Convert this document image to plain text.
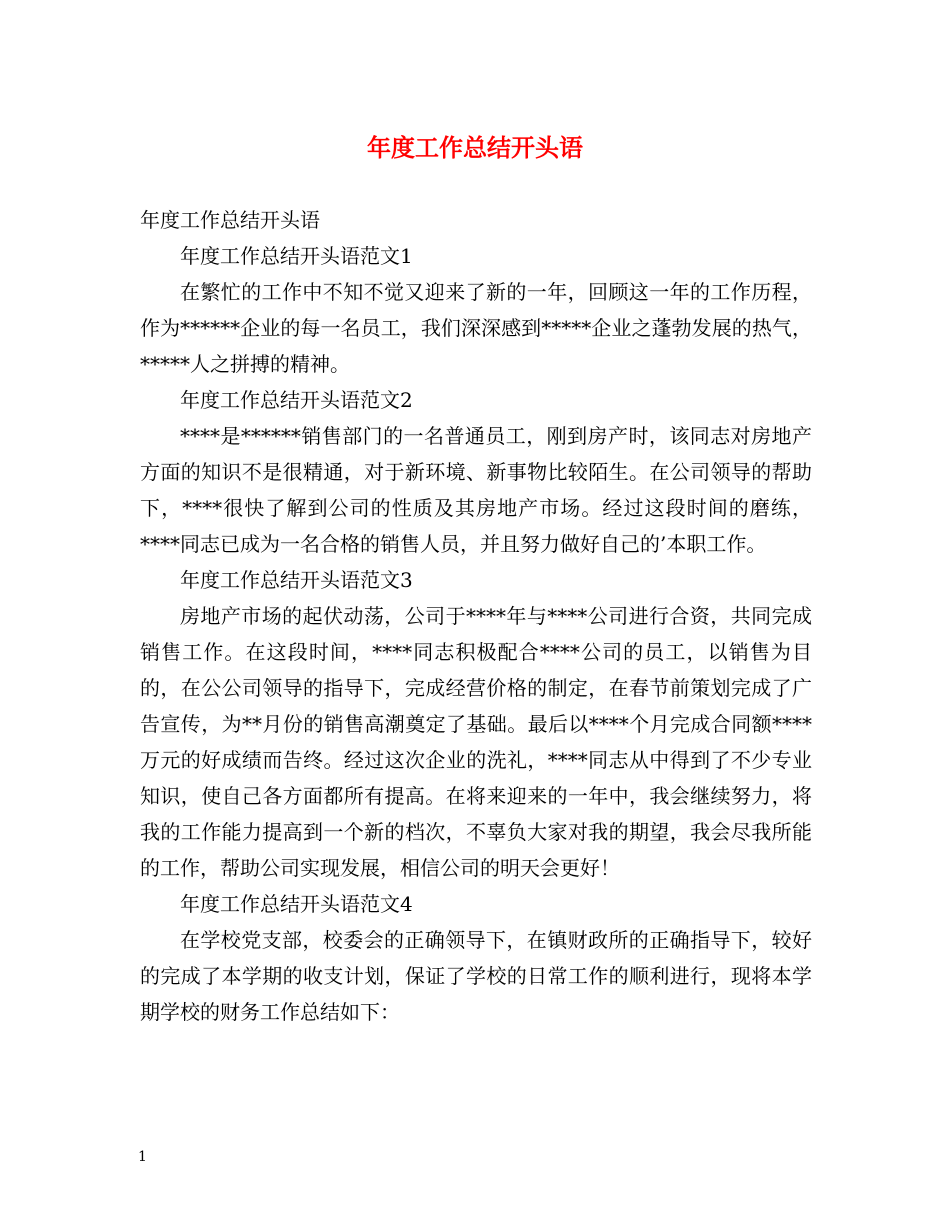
年度工作总结开头语

年度工作总结开头语

年度工作总结开头语范文1

在繁忙的工作中不知不觉又迎来了新的一年，回顾这一年的工作历程，作为******企业的每一名员工，我们深深感到*****企业之蓬勃发展的热气，*****人之拼搏的精神。

年度工作总结开头语范文2

****是******销售部门的一名普通员工，刚到房产时，该同志对房地产方面的知识不是很精通，对于新环境、新事物比较陌生。在公司领导的帮助下，****很快了解到公司的性质及其房地产市场。经过这段时间的磨练，****同志已成为一名合格的销售人员，并且努力做好自己的’本职工作。

年度工作总结开头语范文3

房地产市场的起伏动荡，公司于****年与****公司进行合资，共同完成销售工作。在这段时间，****同志积极配合****公司的员工，以销售为目的，在公公司领导的指导下，完成经营价格的制定，在春节前策划完成了广告宣传，为**月份的销售高潮奠定了基础。最后以****个月完成合同额****万元的好成绩而告终。经过这次企业的洗礼，****同志从中得到了不少专业知识，使自己各方面都所有提高。在将来迎来的一年中，我会继续努力，将我的工作能力提高到一个新的档次，不辜负大家对我的期望，我会尽我所能的工作，帮助公司实现发展，相信公司的明天会更好！

年度工作总结开头语范文4

在学校党支部，校委会的正确领导下，在镇财政所的正确指导下，较好的完成了本学期的收支计划，保证了学校的日常工作的顺利进行，现将本学期学校的财务工作总结如下：

1
